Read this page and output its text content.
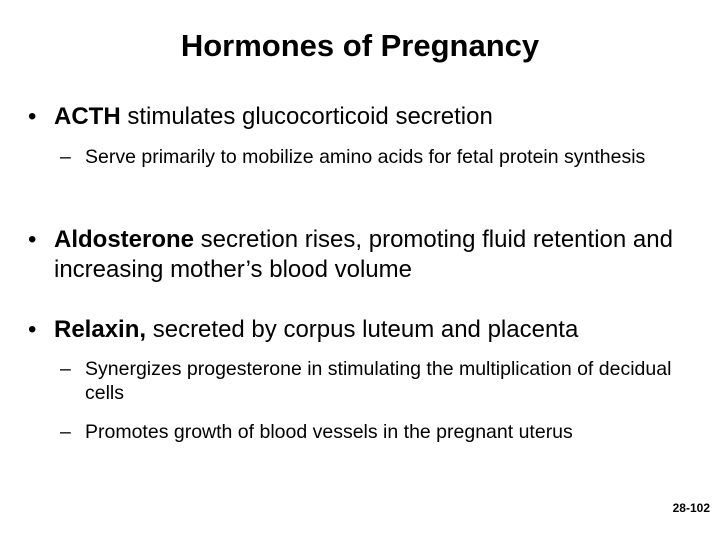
Hormones of Pregnancy
• ACTH stimulates glucocorticoid secretion
– Serve primarily to mobilize amino acids for fetal protein synthesis
• Aldosterone secretion rises, promoting fluid retention and increasing mother’s blood volume
• Relaxin, secreted by corpus luteum and placenta
– Synergizes progesterone in stimulating the multiplication of decidual cells
– Promotes growth of blood vessels in the pregnant uterus
28-102
